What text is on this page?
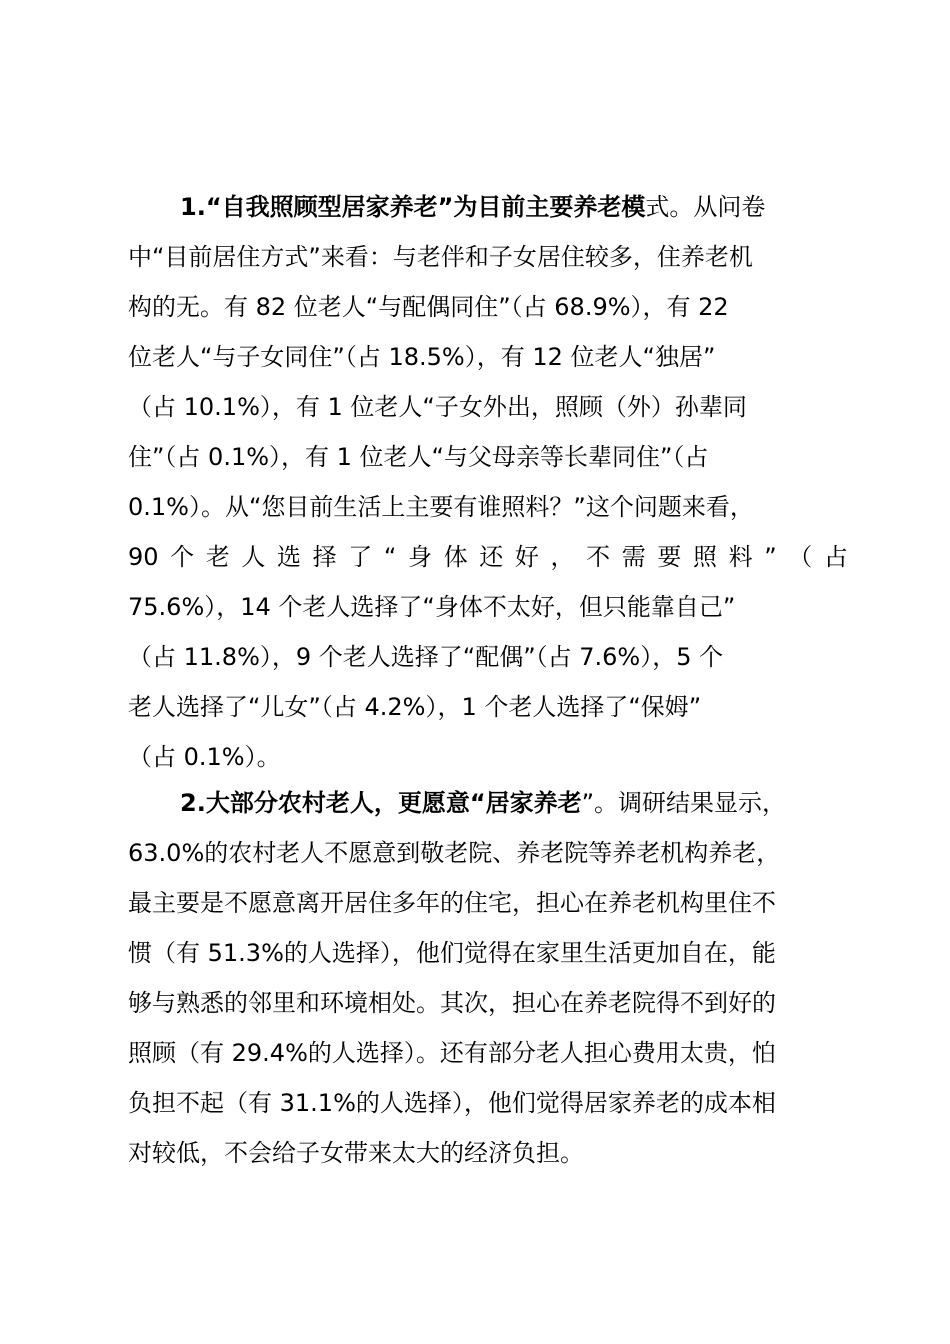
1.“自我照顾型居家养老”为目前主要养老模式。从问卷
中“目前居住方式”来看：与老伴和子女居住较多，住养老机
构的无。有 82 位老人“与配偶同住”（占 68.9%），有 22
位老人“与子女同住”（占 18.5%），有 12 位老人“独居”
（占 10.1%），有 1 位老人“子女外出，照顾（外）孙辈同
住”（占 0.1%），有 1 位老人“与父母亲等长辈同住”（占
0.1%）。从“您目前生活上主要有谁照料？”这个问题来看，
90 个 老 人 选 择 了 “ 身 体 还 好 ， 不 需 要 照 料 ” （ 占
75.6%），14 个老人选择了“身体不太好，但只能靠自己”
（占 11.8%），9 个老人选择了“配偶”（占 7.6%），5 个
老人选择了“儿女”（占 4.2%），1 个老人选择了“保姆”
（占 0.1%）。
2.大部分农村老人，更愿意“居家养老”。调研结果显示，
63.0%的农村老人不愿意到敬老院、养老院等养老机构养老，
最主要是不愿意离开居住多年的住宅，担心在养老机构里住不
惯（有 51.3%的人选择），他们觉得在家里生活更加自在，能
够与熟悉的邻里和环境相处。其次，担心在养老院得不到好的
照顾（有 29.4%的人选择）。还有部分老人担心费用太贵，怕
负担不起（有 31.1%的人选择），他们觉得居家养老的成本相
对较低，不会给子女带来太大的经济负担。
